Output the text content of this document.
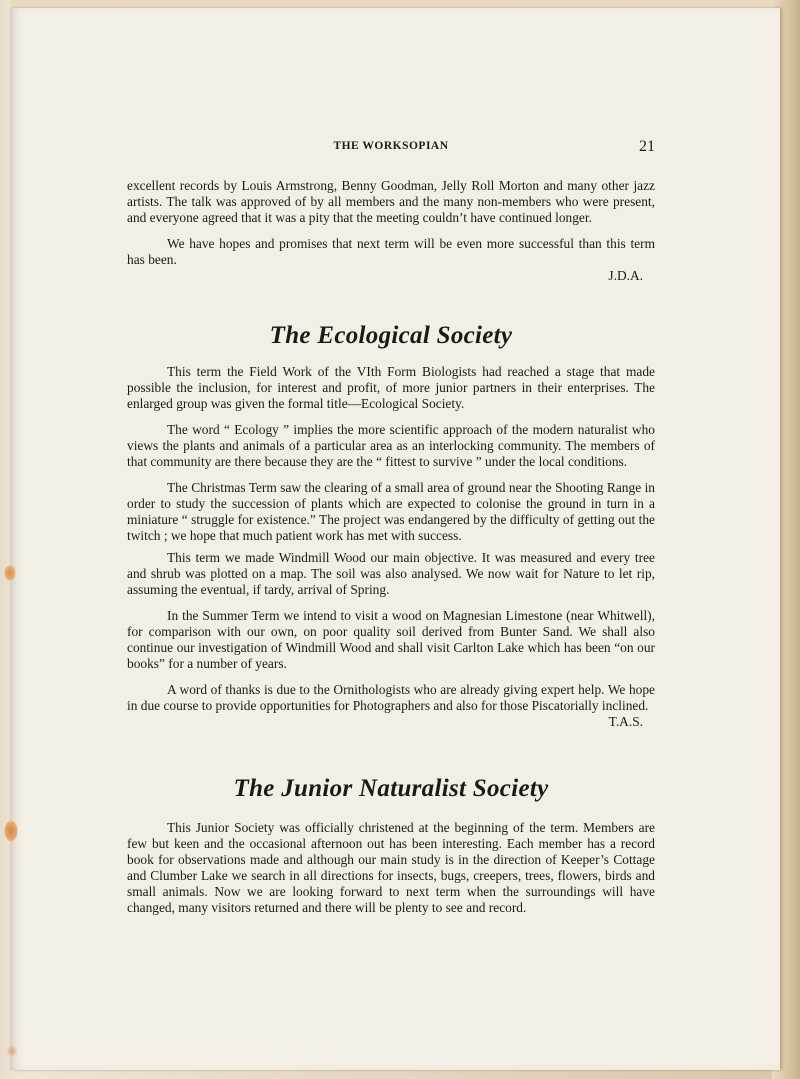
THE WORKSOPIAN	21

excellent records by Louis Armstrong, Benny Goodman, Jelly Roll Morton and many other jazz artists. The talk was approved of by all members and the many non-members who were present, and everyone agreed that it was a pity that the meeting couldn’t have continued longer.

We have hopes and promises that next term will be even more successful than this term has been.

J.D.A.

The Ecological Society

This term the Field Work of the VIth Form Biologists had reached a stage that made possible the inclusion, for interest and profit, of more junior partners in their enterprises. The enlarged group was given the formal title—Ecological Society.

The word “ Ecology ” implies the more scientific approach of the modern naturalist who views the plants and animals of a particular area as an interlocking community. The members of that community are there because they are the “ fittest to survive ” under the local conditions.

The Christmas Term saw the clearing of a small area of ground near the Shooting Range in order to study the succession of plants which are expected to colonise the ground in turn in a miniature “ struggle for existence.” The project was endangered by the difficulty of getting out the twitch ; we hope that much patient work has met with success.

This term we made Windmill Wood our main objective. It was measured and every tree and shrub was plotted on a map. The soil was also analysed. We now wait for Nature to let rip, assuming the eventual, if tardy, arrival of Spring.

In the Summer Term we intend to visit a wood on Magnesian Limestone (near Whitwell), for comparison with our own, on poor quality soil derived from Bunter Sand. We shall also continue our investigation of Windmill Wood and shall visit Carlton Lake which has been “on our books” for a number of years.

A word of thanks is due to the Ornithologists who are already giving expert help. We hope in due course to provide opportunities for Photographers and also for those Piscatorially inclined.

T.A.S.

The Junior Naturalist Society

This Junior Society was officially christened at the beginning of the term. Members are few but keen and the occasional afternoon out has been interesting. Each member has a record book for observations made and although our main study is in the direction of Keeper’s Cottage and Clumber Lake we search in all directions for insects, bugs, creepers, trees, flowers, birds and small animals. Now we are looking forward to next term when the surroundings will have changed, many visitors returned and there will be plenty to see and record.
